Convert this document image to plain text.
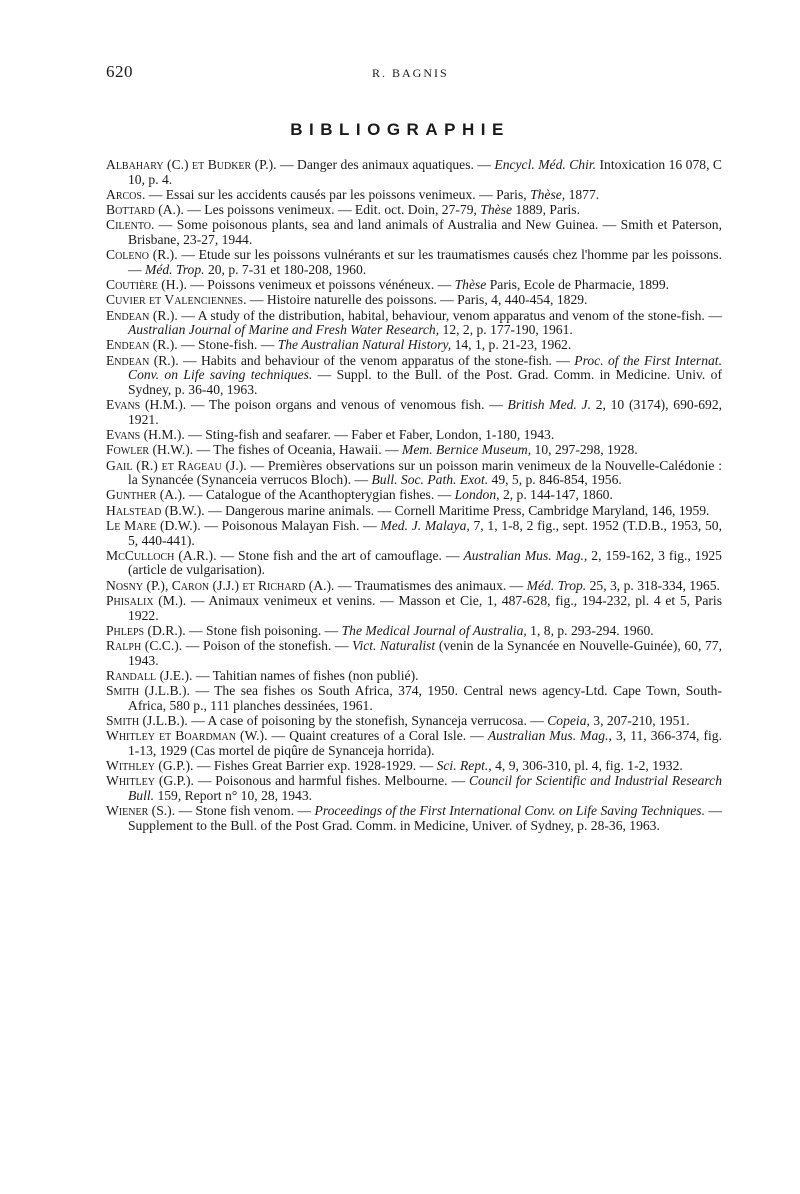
620	R. BAGNIS
BIBLIOGRAPHIE
Albahary (C.) et Budker (P.). — Danger des animaux aquatiques. — Encycl. Méd. Chir. Intoxication 16 078, C 10, p. 4.
Arcos. — Essai sur les accidents causés par les poissons venimeux. — Paris, Thèse, 1877.
Bottard (A.). — Les poissons venimeux. — Edit. oct. Doin, 27-79, Thèse 1889, Paris.
Cilento. — Some poisonous plants, sea and land animals of Australia and New Guinea. — Smith et Paterson, Brisbane, 23-27, 1944.
Coleno (R.). — Etude sur les poissons vulnérants et sur les traumatismes causés chez l'homme par les poissons. — Méd. Trop. 20, p. 7-31 et 180-208, 1960.
Coutière (H.). — Poissons venimeux et poissons vénéneux. — Thèse Paris, Ecole de Pharmacie, 1899.
Cuvier et Valenciennes. — Histoire naturelle des poissons. — Paris, 4, 440-454, 1829.
Endean (R.). — A study of the distribution, habital, behaviour, venom apparatus and venom of the stone-fish. — Australian Journal of Marine and Fresh Water Research, 12, 2, p. 177-190, 1961.
Endean (R.). — Stone-fish. — The Australian Natural History, 14, 1, p. 21-23, 1962.
Endean (R.). — Habits and behaviour of the venom apparatus of the stone-fish. — Proc. of the First Internat. Conv. on Life saving techniques. — Suppl. to the Bull. of the Post. Grad. Comm. in Medicine. Univ. of Sydney, p. 36-40, 1963.
Evans (H.M.). — The poison organs and venous of venomous fish. — British Med. J. 2, 10 (3174), 690-692, 1921.
Evans (H.M.). — Sting-fish and seafarer. — Faber et Faber, London, 1-180, 1943.
Fowler (H.W.). — The fishes of Oceania, Hawaii. — Mem. Bernice Museum, 10, 297-298, 1928.
Gail (R.) et Rageau (J.). — Premières observations sur un poisson marin venimeux de la Nouvelle-Calédonie : la Synancée (Synanceia verrucos Bloch). — Bull. Soc. Path. Exot. 49, 5, p. 846-854, 1956.
Gunther (A.). — Catalogue of the Acanthopterygian fishes. — London, 2, p. 144-147, 1860.
Halstead (B.W.). — Dangerous marine animals. — Cornell Maritime Press, Cambridge Maryland, 146, 1959.
Le Mare (D.W.). — Poisonous Malayan Fish. — Med. J. Malaya, 7, 1, 1-8, 2 fig., sept. 1952 (T.D.B., 1953, 50, 5, 440-441).
McCulloch (A.R.). — Stone fish and the art of camouflage. — Australian Mus. Mag., 2, 159-162, 3 fig., 1925 (article de vulgarisation).
Nosny (P.), Caron (J.J.) et Richard (A.). — Traumatismes des animaux. — Méd. Trop. 25, 3, p. 318-334, 1965.
Phisalix (M.). — Animaux venimeux et venins. — Masson et Cie, 1, 487-628, fig., 194-232, pl. 4 et 5, Paris 1922.
Phleps (D.R.). — Stone fish poisoning. — The Medical Journal of Australia, 1, 8, p. 293-294. 1960.
Ralph (C.C.). — Poison of the stonefish. — Vict. Naturalist (venin de la Synancée en Nouvelle-Guinée), 60, 77, 1943.
Randall (J.E.). — Tahitian names of fishes (non publié).
Smith (J.L.B.). — The sea fishes os South Africa, 374, 1950. Central news agency-Ltd. Cape Town, South-Africa, 580 p., 111 planches dessinées, 1961.
Smith (J.L.B.). — A case of poisoning by the stonefish, Synanceja verrucosa. — Copeia, 3, 207-210, 1951.
Whitley et Boardman (W.). — Quaint creatures of a Coral Isle. — Australian Mus. Mag., 3, 11, 366-374, fig. 1-13, 1929 (Cas mortel de piqûre de Synanceja horrida).
Withley (G.P.). — Fishes Great Barrier exp. 1928-1929. — Sci. Rept., 4, 9, 306-310, pl. 4, fig. 1-2, 1932.
Whitley (G.P.). — Poisonous and harmful fishes. Melbourne. — Council for Scientific and Industrial Research Bull. 159, Report n° 10, 28, 1943.
Wiener (S.). — Stone fish venom. — Proceedings of the First International Conv. on Life Saving Techniques. — Supplement to the Bull. of the Post Grad. Comm. in Medicine, Univer. of Sydney, p. 28-36, 1963.
